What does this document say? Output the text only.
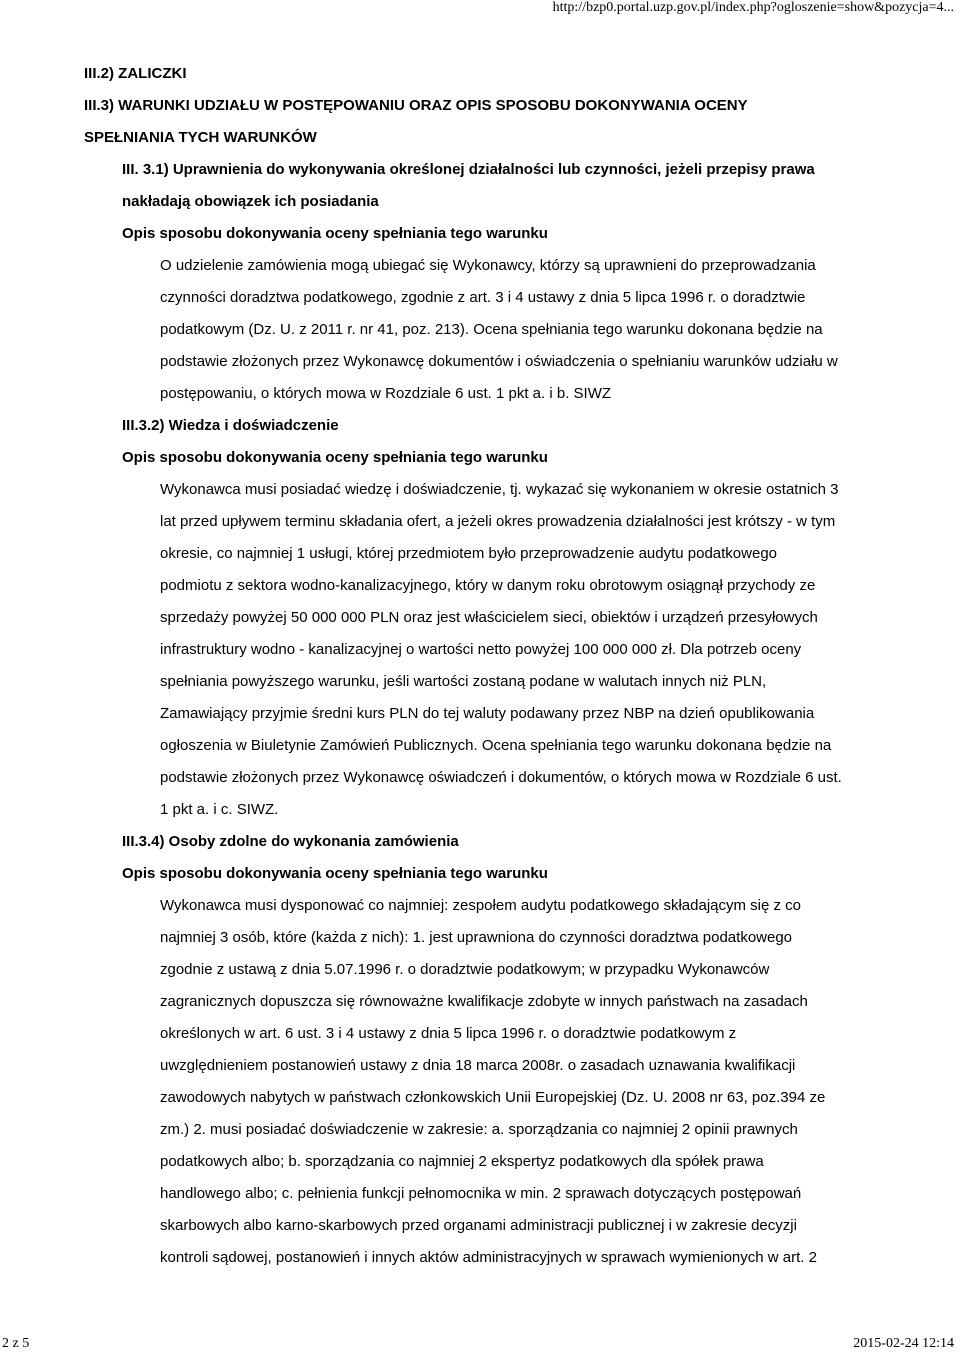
http://bzp0.portal.uzp.gov.pl/index.php?ogloszenie=show&pozycja=4...
III.2) ZALICZKI
III.3) WARUNKI UDZIAŁU W POSTĘPOWANIU ORAZ OPIS SPOSOBU DOKONYWANIA OCENY
SPEŁNIANIA TYCH WARUNKÓW
III. 3.1) Uprawnienia do wykonywania określonej działalności lub czynności, jeżeli przepisy prawa
nakładają obowiązek ich posiadania
Opis sposobu dokonywania oceny spełniania tego warunku
O udzielenie zamówienia mogą ubiegać się Wykonawcy, którzy są uprawnieni do przeprowadzania
czynności doradztwa podatkowego, zgodnie z art. 3 i 4 ustawy z dnia 5 lipca 1996 r. o doradztwie
podatkowym (Dz. U. z 2011 r. nr 41, poz. 213). Ocena spełniania tego warunku dokonana będzie na
podstawie złożonych przez Wykonawcę dokumentów i oświadczenia o spełnianiu warunków udziału w
postępowaniu, o których mowa w Rozdziale 6 ust. 1 pkt a. i b. SIWZ
III.3.2) Wiedza i doświadczenie
Opis sposobu dokonywania oceny spełniania tego warunku
Wykonawca musi posiadać wiedzę i doświadczenie, tj. wykazać się wykonaniem w okresie ostatnich 3
lat przed upływem terminu składania ofert, a jeżeli okres prowadzenia działalności jest krótszy - w tym
okresie, co najmniej 1 usługi, której przedmiotem było przeprowadzenie audytu podatkowego
podmiotu z sektora wodno-kanalizacyjnego, który w danym roku obrotowym osiągnął przychody ze
sprzedaży powyżej 50 000 000 PLN oraz jest właścicielem sieci, obiektów i urządzeń przesyłowych
infrastruktury wodno - kanalizacyjnej o wartości netto powyżej 100 000 000 zł. Dla potrzeb oceny
spełniania powyższego warunku, jeśli wartości zostaną podane w walutach innych niż PLN,
Zamawiający przyjmie średni kurs PLN do tej waluty podawany przez NBP na dzień opublikowania
ogłoszenia w Biuletynie Zamówień Publicznych. Ocena spełniania tego warunku dokonana będzie na
podstawie złożonych przez Wykonawcę oświadczeń i dokumentów, o których mowa w Rozdziale 6 ust.
1 pkt a. i c. SIWZ.
III.3.4) Osoby zdolne do wykonania zamówienia
Opis sposobu dokonywania oceny spełniania tego warunku
Wykonawca musi dysponować co najmniej: zespołem audytu podatkowego składającym się z co
najmniej 3 osób, które (każda z nich): 1. jest uprawniona do czynności doradztwa podatkowego
zgodnie z ustawą z dnia 5.07.1996 r. o doradztwie podatkowym; w przypadku Wykonawców
zagranicznych dopuszcza się równoważne kwalifikacje zdobyte w innych państwach na zasadach
określonych w art. 6 ust. 3 i 4 ustawy z dnia 5 lipca 1996 r. o doradztwie podatkowym z
uwzględnieniem postanowień ustawy z dnia 18 marca 2008r. o zasadach uznawania kwalifikacji
zawodowych nabytych w państwach członkowskich Unii Europejskiej (Dz. U. 2008 nr 63, poz.394 ze
zm.) 2. musi posiadać doświadczenie w zakresie: a. sporządzania co najmniej 2 opinii prawnych
podatkowych albo; b. sporządzania co najmniej 2 ekspertyz podatkowych dla spółek prawa
handlowego albo; c. pełnienia funkcji pełnomocnika w min. 2 sprawach dotyczących postępowań
skarbowych albo karno-skarbowych przed organami administracji publicznej i w zakresie decyzji
kontroli sądowej, postanowień i innych aktów administracyjnych w sprawach wymienionych w art. 2
2 z 5	2015-02-24 12:14
